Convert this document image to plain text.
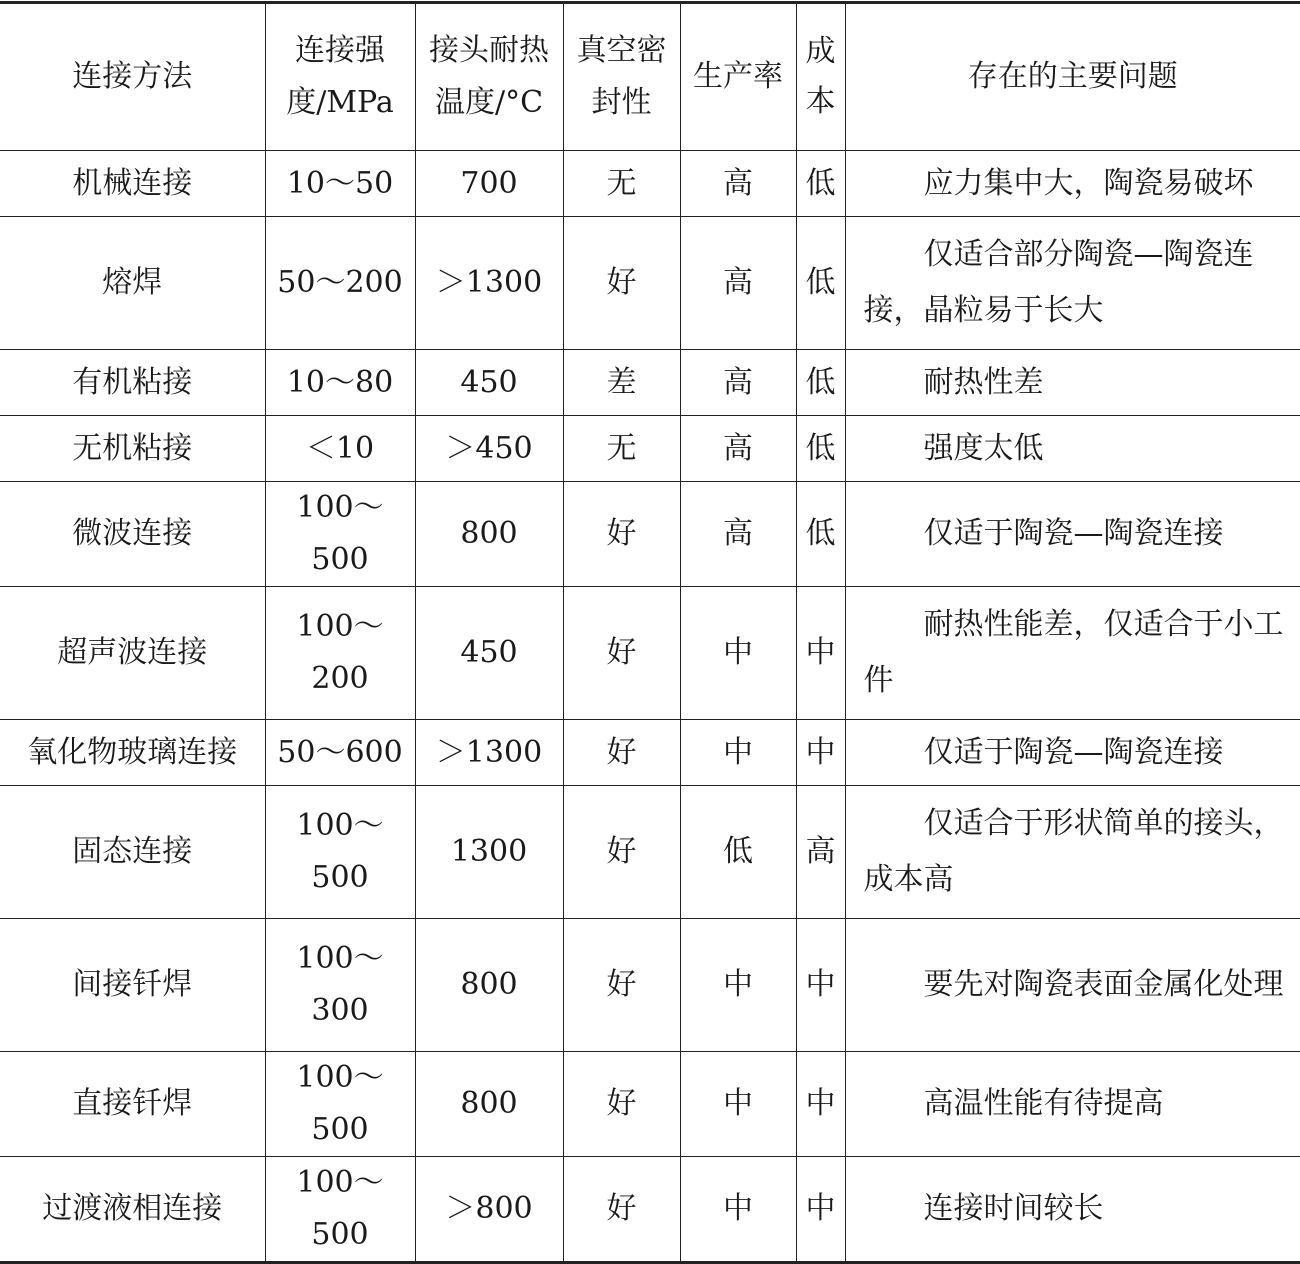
连接方法	连接强度/MPa	接头耐热温度/°C	真空密封性	生产率	成本	存在的主要问题
机械连接	10～50	700	无	高	低	应力集中大，陶瓷易破坏
熔焊	50～200	＞1300	好	高	低	仅适合部分陶瓷—陶瓷连接，晶粒易于长大
有机粘接	10～80	450	差	高	低	耐热性差
无机粘接	＜10	＞450	无	高	低	强度太低
微波连接	100～500	800	好	高	低	仅适于陶瓷—陶瓷连接
超声波连接	100～200	450	好	中	中	耐热性能差，仅适合于小工件
氧化物玻璃连接	50～600	＞1300	好	中	中	仅适于陶瓷—陶瓷连接
固态连接	100～500	1300	好	低	高	仅适合于形状简单的接头，成本高
间接钎焊	100～300	800	好	中	中	要先对陶瓷表面金属化处理
直接钎焊	100～500	800	好	中	中	高温性能有待提高
过渡液相连接	100～500	＞800	好	中	中	连接时间较长
